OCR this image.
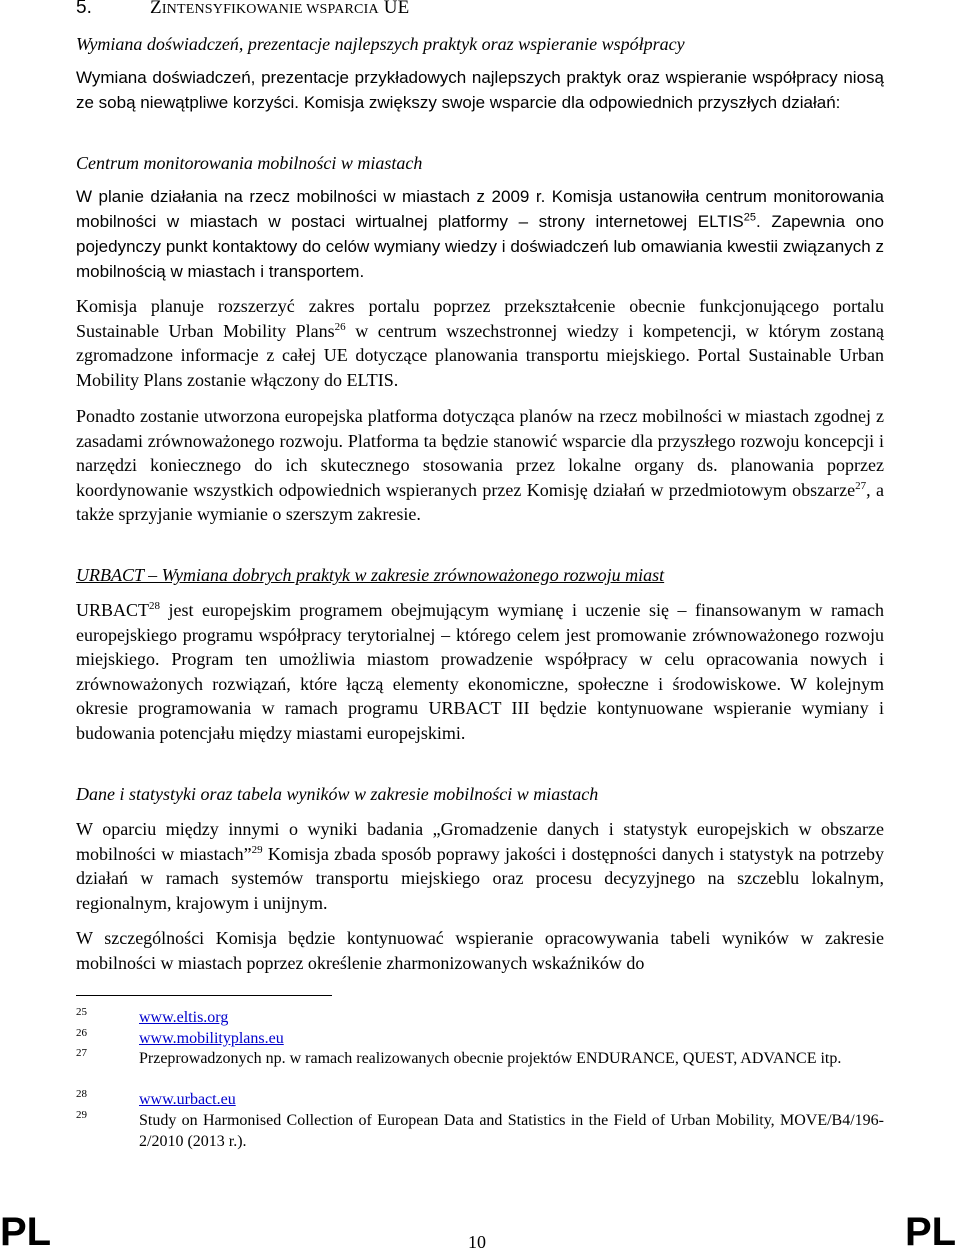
5.	ZINTENSYFIKOWANIE WSPARCIA UE
Wymiana doświadczeń, prezentacje najlepszych praktyk oraz wspieranie współpracy
Wymiana doświadczeń, prezentacje przykładowych najlepszych praktyk oraz wspieranie współpracy niosą ze sobą niewątpliwe korzyści. Komisja zwiększy swoje wsparcie dla odpowiednich przyszłych działań:
Centrum monitorowania mobilności w miastach
W planie działania na rzecz mobilności w miastach z 2009 r. Komisja ustanowiła centrum monitorowania mobilności w miastach w postaci wirtualnej platformy – strony internetowej ELTIS$^{25}$. Zapewnia ono pojedynczy punkt kontaktowy do celów wymiany wiedzy i doświadczeń lub omawiania kwestii związanych z mobilnością w miastach i transportem.
Komisja planuje rozszerzyć zakres portalu poprzez przekształcenie obecnie funkcjonującego portalu Sustainable Urban Mobility Plans$^{26}$ w centrum wszechstronnej wiedzy i kompetencji, w którym zostaną zgromadzone informacje z całej UE dotyczące planowania transportu miejskiego. Portal Sustainable Urban Mobility Plans zostanie włączony do ELTIS.
Ponadto zostanie utworzona europejska platforma dotycząca planów na rzecz mobilności w miastach zgodnej z zasadami zrównoważonego rozwoju. Platforma ta będzie stanowić wsparcie dla przyszłego rozwoju koncepcji i narzędzi koniecznego do ich skutecznego stosowania przez lokalne organy ds. planowania poprzez koordynowanie wszystkich odpowiednich wspieranych przez Komisję działań w przedmiotowym obszarze$^{27}$, a także sprzyjanie wymianie o szerszym zakresie.
URBACT – Wymiana dobrych praktyk w zakresie zrównoważonego rozwoju miast
URBACT$^{28}$ jest europejskim programem obejmującym wymianę i uczenie się – finansowanym w ramach europejskiego programu współpracy terytorialnej – którego celem jest promowanie zrównoważonego rozwoju miejskiego. Program ten umożliwia miastom prowadzenie współpracy w celu opracowania nowych i zrównoważonych rozwiązań, które łączą elementy ekonomiczne, społeczne i środowiskowe. W kolejnym okresie programowania w ramach programu URBACT III będzie kontynuowane wspieranie wymiany i budowania potencjału między miastami europejskimi.
Dane i statystyki oraz tabela wyników w zakresie mobilności w miastach
W oparciu między innymi o wyniki badania „Gromadzenie danych i statystyk europejskich w obszarze mobilności w miastach”$^{29}$ Komisja zbada sposób poprawy jakości i dostępności danych i statystyk na potrzeby działań w ramach systemów transportu miejskiego oraz procesu decyzyjnego na szczeblu lokalnym, regionalnym, krajowym i unijnym.
W szczególności Komisja będzie kontynuować wspieranie opracowywania tabeli wyników w zakresie mobilności w miastach poprzez określenie zharmonizowanych wskaźników do
25	www.eltis.org
26	www.mobilityplans.eu
27	Przeprowadzonych np. w ramach realizowanych obecnie projektów ENDURANCE, QUEST, ADVANCE itp.
28	www.urbact.eu
29	Study on Harmonised Collection of European Data and Statistics in the Field of Urban Mobility, MOVE/B4/196-2/2010 (2013 r.).
PL	10	PL
